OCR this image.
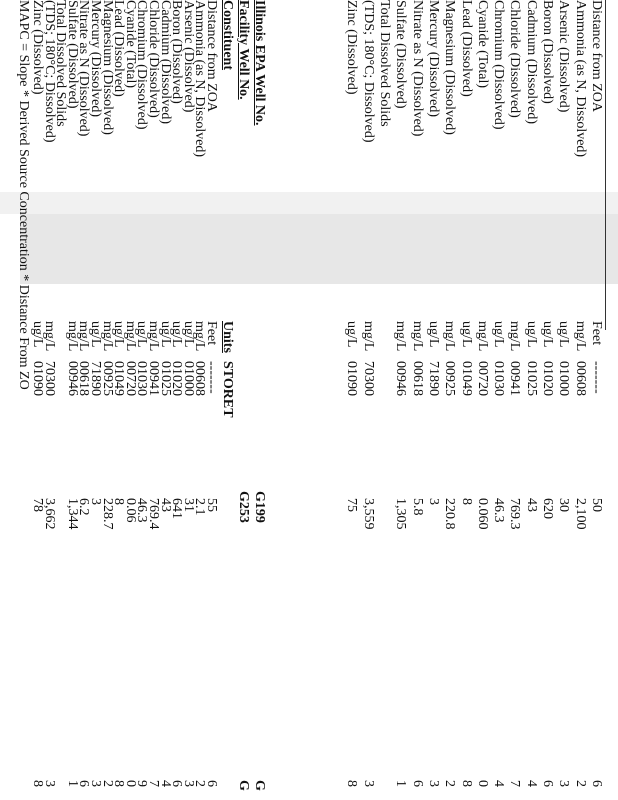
Distance from ZOA
Feet
-------
50
6
Ammonia (as N, Dissolved)
mg/L
00608
2,100
2
Arsenic (Dissolved)
ug/L
01000
30
3
Boron (Dissolved)
ug/L
01020
620
6
Cadmium (Dissolved)
ug/L
01025
43
4
Chloride (Dissolved)
mg/L
00941
769.3
7
Chromium (Dissolved)
ug/L
01030
46.3
4
Cyanide (Total)
mg/L
00720
0.060
0
Lead (Dissolved)
ug/L
01049
8
8
Magnesium (Dissolved)
mg/L
00925
220.8
2
Mercury (Dissolved)
ug/L
71890
3
3
Nitrate as N (Dissolved)
mg/L
00618
5.8
6
Sulfate (Dissolved)
mg/L
00946
1,305
1
Total Dissolved Solids
(TDS; 180°C; Dissolved)
mg/L
70300
3,559
3
Zinc (Dissolved)
ug/L
01090
75
8
Illinois EPA Well No.
G199
G
Facility Well No.
G253
G
Constituent
Units
STORET
Distance from ZOA
Feet
-------
55
6
Ammonia (as N, Dissolved)
mg/L
00608
2.1
2
Arsenic (Dissolved)
ug/L
01000
31
3
Boron (Dissolved)
ug/L
01020
641
6
Cadmium (Dissolved)
ug/L
01025
43
4
Chloride (Dissolved)
mg/L
00941
769.4
7
Chromium (Dissolved)
ug/L
01030
46.3
9
Cyanide (Total)
mg/L
00720
0.06
0
Lead (Dissolved)
ug/L
01049
8
8
Magnesium (Dissolved)
mg/L
00925
228.7
2
Mercury (Dissolved)
ug/L
71890
3
3
Nitrate as N (Dissolved)
mg/L
00618
6.2
6
Sulfate (Dissolved)
mg/L
00946
1,344
1
Total Dissolved Solids
(TDS; 180°C; Dissolved)
mg/L
70300
3,662
3
Zinc (Dissolved)
ug/L
01090
78
8
MAPC = Slope * Derived Source Concentration * Distance From ZO
